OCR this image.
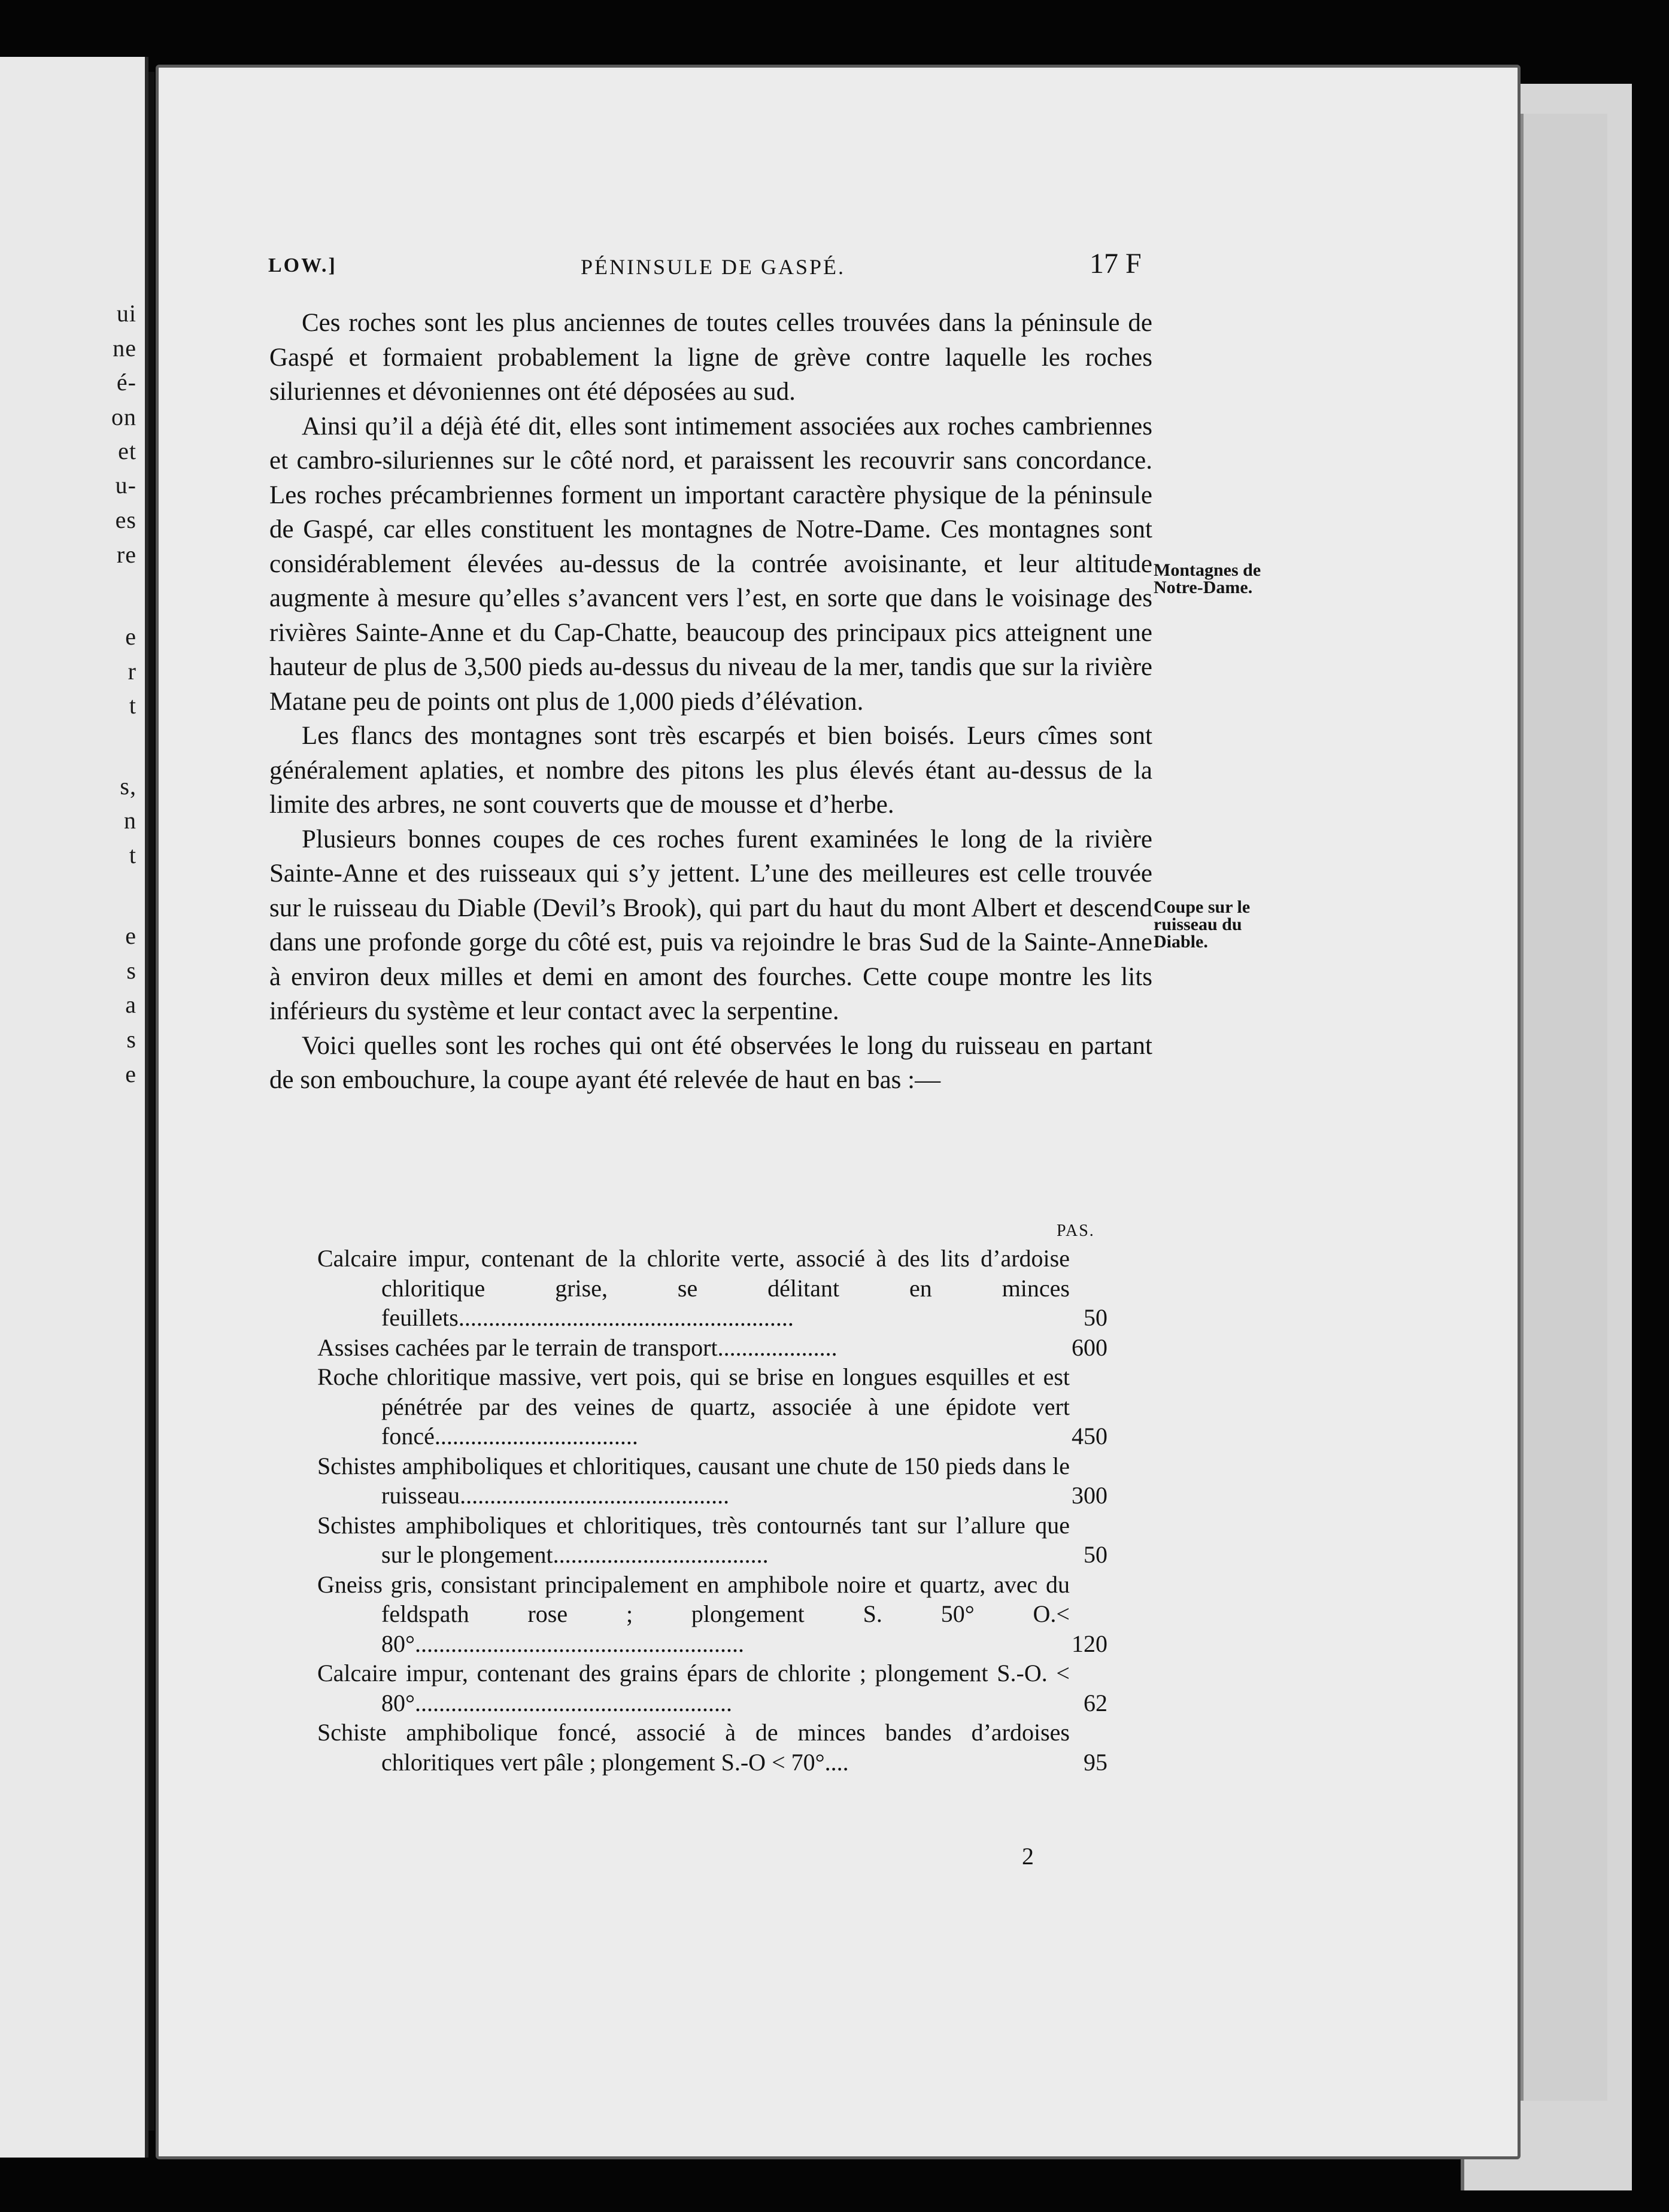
ui
ne
é-
on
et
u-
es
re
e
r
t
s,
n
t
e
s
a
s
e
LOW.]	PÉNINSULE DE GASPÉ.	17 F

Ces roches sont les plus anciennes de toutes celles trouvées dans la péninsule de Gaspé et formaient probablement la ligne de grève contre laquelle les roches siluriennes et dévoniennes ont été déposées au sud.

Ainsi qu’il a déjà été dit, elles sont intimement associées aux roches cambriennes et cambro-siluriennes sur le côté nord, et paraissent les recouvrir sans concordance. Les roches précambriennes forment un important caractère physique de la péninsule de Gaspé, car elles constituent les montagnes de Notre-Dame. Ces montagnes sont considérablement élevées au-dessus de la contrée avoisinante, et leur altitude augmente à mesure qu’elles s’avancent vers l’est, en sorte que dans le voisinage des rivières Sainte-Anne et du Cap-Chatte, beaucoup des principaux pics atteignent une hauteur de plus de 3,500 pieds au-dessus du niveau de la mer, tandis que sur la rivière Matane peu de points ont plus de 1,000 pieds d’élévation.

Les flancs des montagnes sont très escarpés et bien boisés. Leurs cîmes sont généralement aplaties, et nombre des pitons les plus élevés étant au-dessus de la limite des arbres, ne sont couverts que de mousse et d’herbe.

Plusieurs bonnes coupes de ces roches furent examinées le long de la rivière Sainte-Anne et des ruisseaux qui s’y jettent. L’une des meilleures est celle trouvée sur le ruisseau du Diable (Devil’s Brook), qui part du haut du mont Albert et descend dans une profonde gorge du côté est, puis va rejoindre le bras Sud de la Sainte-Anne à environ deux milles et demi en amont des fourches. Cette coupe montre les lits inférieurs du système et leur contact avec la serpentine.

Voici quelles sont les roches qui ont été observées le long du ruisseau en partant de son embouchure, la coupe ayant été relevée de haut en bas :—

Montagnes de Notre-Dame.
Coupe sur le ruisseau du Diable.
PAS.
Calcaire impur, contenant de la chlorite verte, associé à des lits d’ardoise chloritique grise, se délitant en minces feuillets........................................................	50
Assises cachées par le terrain de transport....................	600
Roche chloritique massive, vert pois, qui se brise en longues esquilles et est pénétrée par des veines de quartz, associée à une épidote vert foncé..................................	450
Schistes amphiboliques et chloritiques, causant une chute de 150 pieds dans le ruisseau.............................................	300
Schistes amphiboliques et chloritiques, très contournés tant sur l’allure que sur le plongement....................................	50
Gneiss gris, consistant principalement en amphibole noire et quartz, avec du feldspath rose ; plongement S. 50° O.< 80°.......................................................	120
Calcaire impur, contenant des grains épars de chlorite ; plongement S.-O. < 80°.....................................................	62
Schiste amphibolique foncé, associé à de minces bandes d’ardoises chloritiques vert pâle ; plongement S.-O < 70°....	95
2
